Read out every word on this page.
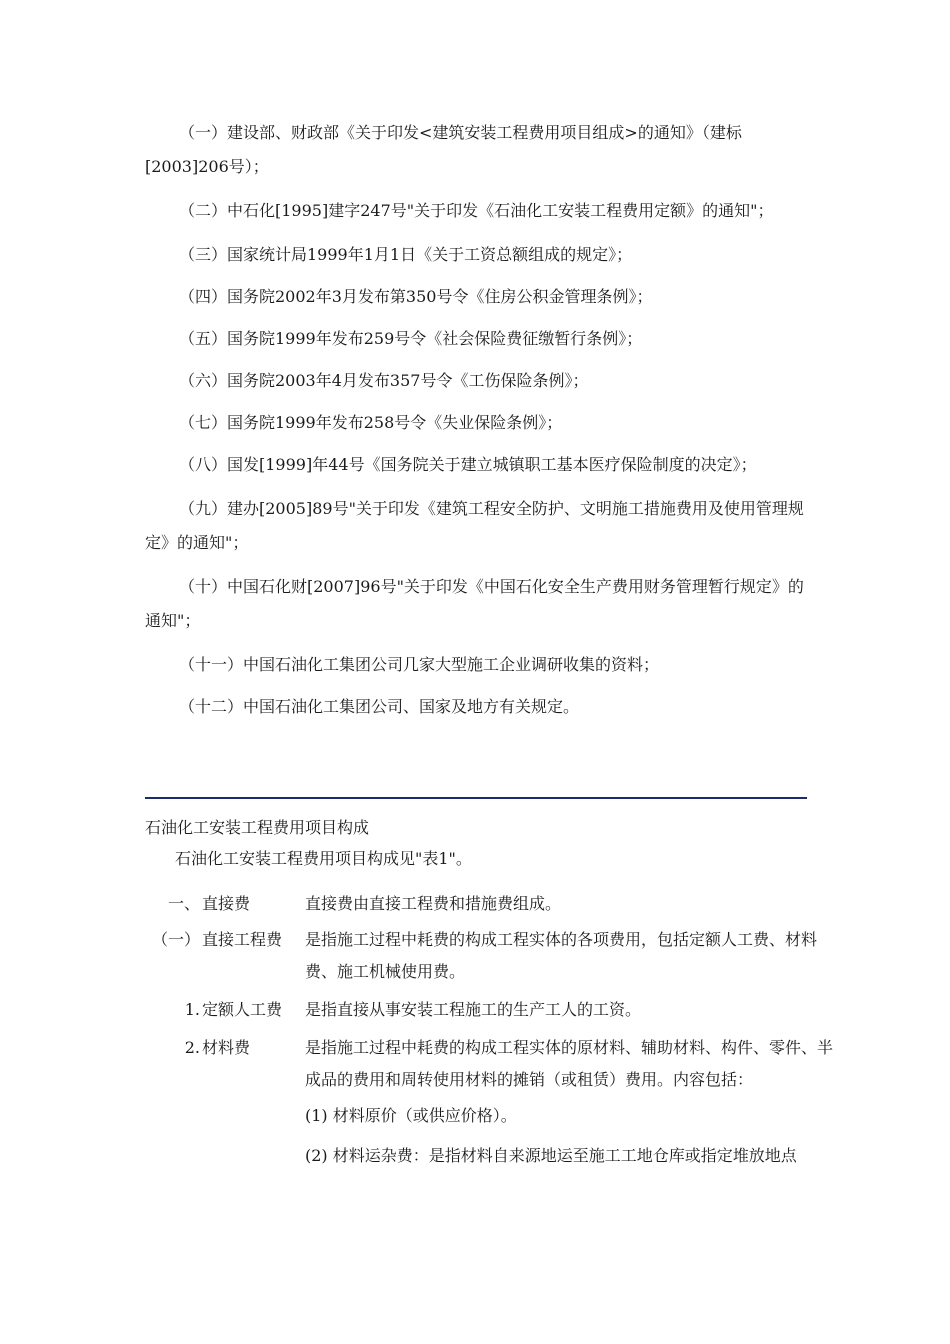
（一）建设部、财政部《关于印发<建筑安装工程费用项目组成>的通知》（建标[2003]206号）；

（二）中石化[1995]建字247号"关于印发《石油化工安装工程费用定额》的通知"；

（三）国家统计局1999年1月1日《关于工资总额组成的规定》；

（四）国务院2002年3月发布第350号令《住房公积金管理条例》；

（五）国务院1999年发布259号令《社会保险费征缴暂行条例》；

（六）国务院2003年4月发布357号令《工伤保险条例》；

（七）国务院1999年发布258号令《失业保险条例》；

（八）国发[1999]年44号《国务院关于建立城镇职工基本医疗保险制度的决定》；

（九）建办[2005]89号"关于印发《建筑工程安全防护、文明施工措施费用及使用管理规定》的通知"；

（十）中国石化财[2007]96号"关于印发《中国石化安全生产费用财务管理暂行规定》的通知"；

（十一）中国石油化工集团公司几家大型施工企业调研收集的资料；

（十二）中国石油化工集团公司、国家及地方有关规定。

石油化工安装工程费用项目构成
石油化工安装工程费用项目构成见"表1"。
一、 直接费	直接费由直接工程费和措施费组成。
（一） 直接工程费	是指施工过程中耗费的构成工程实体的各项费用，包括定额人工费、材料费、施工机械使用费。
1. 定额人工费	是指直接从事安装工程施工的生产工人的工资。
2. 材料费	是指施工过程中耗费的构成工程实体的原材料、辅助材料、构件、零件、半成品的费用和周转使用材料的摊销（或租赁）费用。内容包括：
(1) 材料原价（或供应价格）。
(2) 材料运杂费：是指材料自来源地运至施工工地仓库或指定堆放地点
